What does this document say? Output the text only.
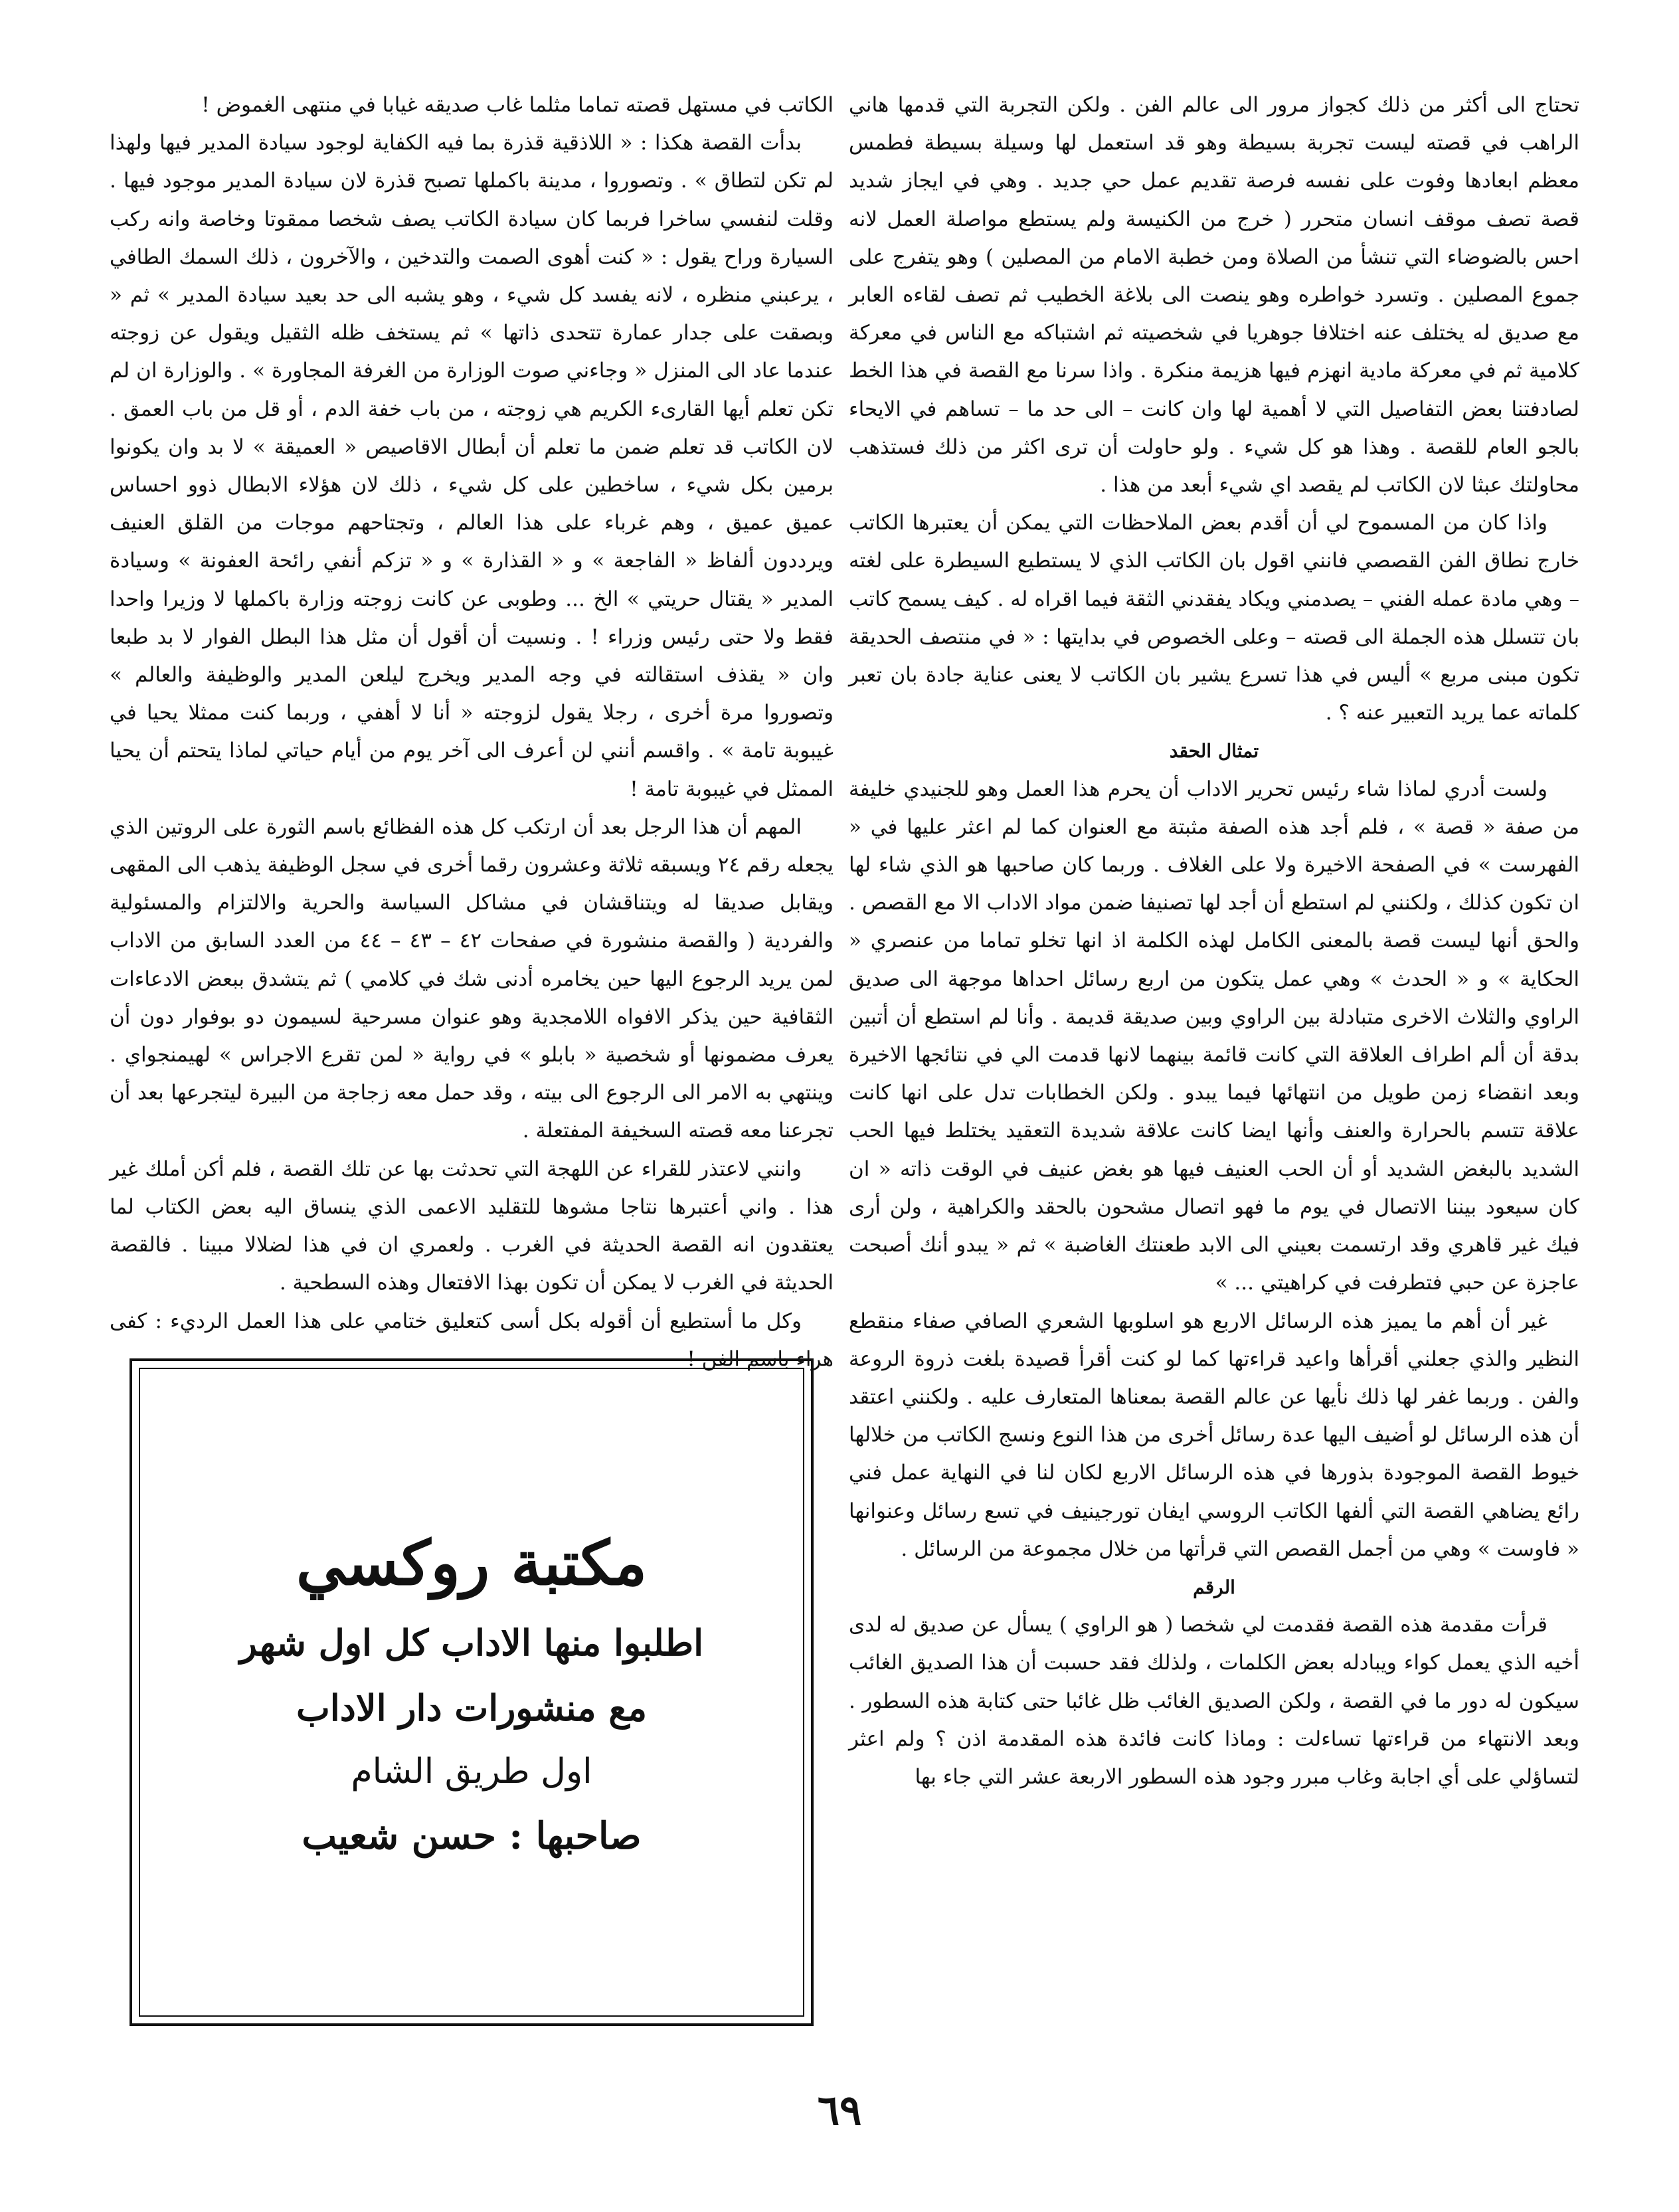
تحتاج الى أكثر من ذلك كجواز مرور الى عالم الفن . ولكن التجربة التي قدمها هاني الراهب في قصته ليست تجربة بسيطة وهو قد استعمل لها وسيلة بسيطة فطمس معظم ابعادها وفوت على نفسه فرصة تقديم عمل حي جديد . وهي في ايجاز شديد قصة تصف موقف انسان متحرر ( خرج من الكنيسة ولم يستطع مواصلة العمل لانه احس بالضوضاء التي تنشأ من الصلاة ومن خطبة الامام من المصلين ) وهو يتفرج على جموع المصلين . وتسرد خواطره وهو ينصت الى بلاغة الخطيب ثم تصف لقاءه العابر مع صديق له يختلف عنه اختلافا جوهريا في شخصيته ثم اشتباكه مع الناس في معركة كلامية ثم في معركة مادية انهزم فيها هزيمة منكرة . واذا سرنا مع القصة في هذا الخط لصادفتنا بعض التفاصيل التي لا أهمية لها وان كانت – الى حد ما – تساهم في الايحاء بالجو العام للقصة . وهذا هو كل شيء . ولو حاولت أن ترى اكثر من ذلك فستذهب محاولتك عبثا لان الكاتب لم يقصد اي شيء أبعد من هذا .

واذا كان من المسموح لي أن أقدم بعض الملاحظات التي يمكن أن يعتبرها الكاتب خارج نطاق الفن القصصي فانني اقول بان الكاتب الذي لا يستطيع السيطرة على لغته – وهي مادة عمله الفني – يصدمني ويكاد يفقدني الثقة فيما اقراه له . كيف يسمح كاتب بان تتسلل هذه الجملة الى قصته – وعلى الخصوص في بدايتها : « في منتصف الحديقة تكون مبنى مربع » أليس في هذا تسرع يشير بان الكاتب لا يعنى عناية جادة بان تعبر كلماته عما يريد التعبير عنه ؟ .

تمثال الحقد

ولست أدري لماذا شاء رئيس تحرير الاداب أن يحرم هذا العمل وهو للجنيدي خليفة من صفة « قصة » ، فلم أجد هذه الصفة مثبتة مع العنوان كما لم اعثر عليها في « الفهرست » في الصفحة الاخيرة ولا على الغلاف . وربما كان صاحبها هو الذي شاء لها ان تكون كذلك ، ولكنني لم استطع أن أجد لها تصنيفا ضمن مواد الاداب الا مع القصص . والحق أنها ليست قصة بالمعنى الكامل لهذه الكلمة اذ انها تخلو تماما من عنصري « الحكاية » و « الحدث » وهي عمل يتكون من اربع رسائل احداها موجهة الى صديق الراوي والثلاث الاخرى متبادلة بين الراوي وبين صديقة قديمة . وأنا لم استطع أن أتبين بدقة أن ألم اطراف العلاقة التي كانت قائمة بينهما لانها قدمت الي في نتائجها الاخيرة وبعد انقضاء زمن طويل من انتهائها فيما يبدو . ولكن الخطابات تدل على انها كانت علاقة تتسم بالحرارة والعنف وأنها ايضا كانت علاقة شديدة التعقيد يختلط فيها الحب الشديد بالبغض الشديد أو أن الحب العنيف فيها هو بغض عنيف في الوقت ذاته « ان كان سيعود بيننا الاتصال في يوم ما فهو اتصال مشحون بالحقد والكراهية ، ولن أرى فيك غير قاهري وقد ارتسمت بعيني الى الابد طعنتك الغاضبة » ثم « يبدو أنك أصبحت عاجزة عن حبي فتطرفت في كراهيتي ... »

غير أن أهم ما يميز هذه الرسائل الاربع هو اسلوبها الشعري الصافي صفاء منقطع النظير والذي جعلني أقرأها واعيد قراءتها كما لو كنت أقرأ قصيدة بلغت ذروة الروعة والفن . وربما غفر لها ذلك نأيها عن عالم القصة بمعناها المتعارف عليه . ولكنني اعتقد أن هذه الرسائل لو أضيف اليها عدة رسائل أخرى من هذا النوع ونسج الكاتب من خلالها خيوط القصة الموجودة بذورها في هذه الرسائل الاربع لكان لنا في النهاية عمل فني رائع يضاهي القصة التي ألفها الكاتب الروسي ايفان تورجينيف في تسع رسائل وعنوانها « فاوست » وهي من أجمل القصص التي قرأتها من خلال مجموعة من الرسائل .

الرقم

قرأت مقدمة هذه القصة فقدمت لي شخصا ( هو الراوي ) يسأل عن صديق له لدى أخيه الذي يعمل كواء ويبادله بعض الكلمات ، ولذلك فقد حسبت أن هذا الصديق الغائب سيكون له دور ما في القصة ، ولكن الصديق الغائب ظل غائبا حتى كتابة هذه السطور . وبعد الانتهاء من قراءتها تساءلت : وماذا كانت فائدة هذه المقدمة اذن ؟ ولم اعثر لتساؤلي على أي اجابة وغاب مبرر وجود هذه السطور الاربعة عشر التي جاء بها

الكاتب في مستهل قصته تماما مثلما غاب صديقه غيابا في منتهى الغموض !

بدأت القصة هكذا : « اللاذقية قذرة بما فيه الكفاية لوجود سيادة المدير فيها ولهذا لم تكن لتطاق » . وتصوروا ، مدينة باكملها تصبح قذرة لان سيادة المدير موجود فيها . وقلت لنفسي ساخرا فربما كان سيادة الكاتب يصف شخصا ممقوتا وخاصة وانه ركب السيارة وراح يقول : « كنت أهوى الصمت والتدخين ، والآخرون ، ذلك السمك الطافي ، يرعبني منظره ، لانه يفسد كل شيء ، وهو يشبه الى حد بعيد سيادة المدير » ثم « وبصقت على جدار عمارة تتحدى ذاتها » ثم يستخف ظله الثقيل ويقول عن زوجته عندما عاد الى المنزل « وجاءني صوت الوزارة من الغرفة المجاورة » . والوزارة ان لم تكن تعلم أيها القارىء الكريم هي زوجته ، من باب خفة الدم ، أو قل من باب العمق . لان الكاتب قد تعلم ضمن ما تعلم أن أبطال الاقاصيص « العميقة » لا بد وان يكونوا برمين بكل شيء ، ساخطين على كل شيء ، ذلك لان هؤلاء الابطال ذوو احساس عميق عميق ، وهم غرباء على هذا العالم ، وتجتاحهم موجات من القلق العنيف ويرددون ألفاظ « الفاجعة » و « القذارة » و « تزكم أنفي رائحة العفونة » وسيادة المدير « يقتال حريتي » الخ ... وطوبى عن كانت زوجته وزارة باكملها لا وزيرا واحدا فقط ولا حتى رئيس وزراء ! . ونسيت أن أقول أن مثل هذا البطل الفوار لا بد طبعا وان « يقذف استقالته في وجه المدير ويخرج ليلعن المدير والوظيفة والعالم » وتصوروا مرة أخرى ، رجلا يقول لزوجته « أنا لا أهفي ، وربما كنت ممثلا يحيا في غيبوبة تامة » . واقسم أنني لن أعرف الى آخر يوم من أيام حياتي لماذا يتحتم أن يحيا الممثل في غيبوبة تامة !

المهم أن هذا الرجل بعد أن ارتكب كل هذه الفظائع باسم الثورة على الروتين الذي يجعله رقم ٢٤ ويسبقه ثلاثة وعشرون رقما أخرى في سجل الوظيفة يذهب الى المقهى ويقابل صديقا له ويتناقشان في مشاكل السياسة والحرية والالتزام والمسئولية والفردية ( والقصة منشورة في صفحات ٤٢ – ٤٣ – ٤٤ من العدد السابق من الاداب لمن يريد الرجوع اليها حين يخامره أدنى شك في كلامي ) ثم يتشدق ببعض الادعاءات الثقافية حين يذكر الافواه اللامجدية وهو عنوان مسرحية لسيمون دو بوفوار دون أن يعرف مضمونها أو شخصية « بابلو » في رواية « لمن تقرع الاجراس » لهيمنجواي . وينتهي به الامر الى الرجوع الى بيته ، وقد حمل معه زجاجة من البيرة ليتجرعها بعد أن تجرعنا معه قصته السخيفة المفتعلة .

وانني لاعتذر للقراء عن اللهجة التي تحدثت بها عن تلك القصة ، فلم أكن أملك غير هذا . واني أعتبرها نتاجا مشوها للتقليد الاعمى الذي ينساق اليه بعض الكتاب لما يعتقدون انه القصة الحديثة في الغرب . ولعمري ان في هذا لضلالا مبينا . فالقصة الحديثة في الغرب لا يمكن أن تكون بهذا الافتعال وهذه السطحية .

وكل ما أستطيع أن أقوله بكل أسى كتعليق ختامي على هذا العمل الرديء : كفى هراء باسم الفن !

مكتبة روكسي
اطلبوا منها الاداب كل اول شهر
مع منشورات دار الاداب
اول طريق الشام
صاحبها : حسن شعيب
٦٩
